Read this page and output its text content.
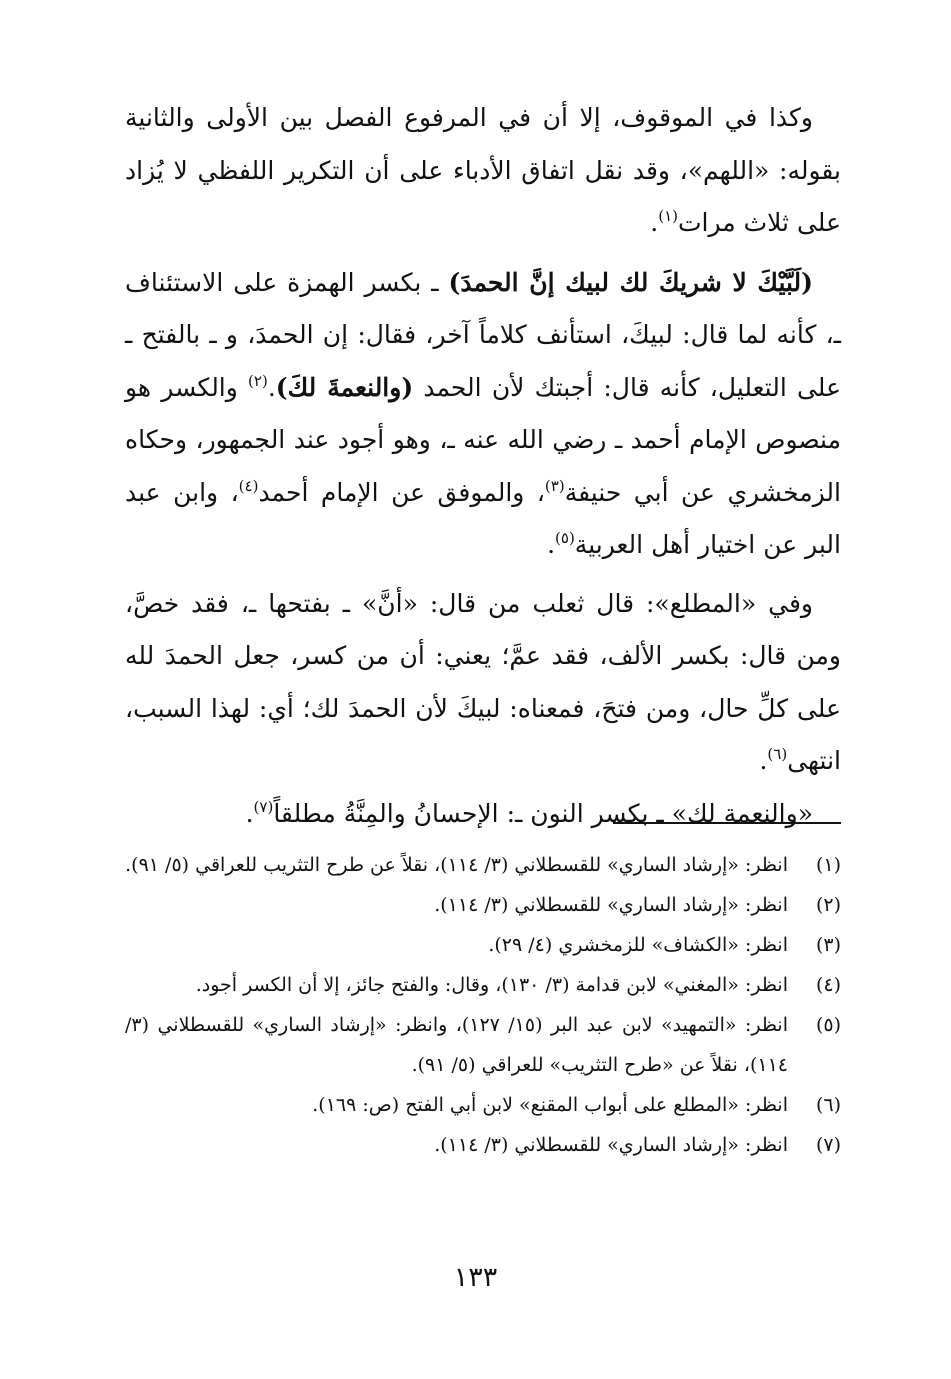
وكذا في الموقوف، إلا أن في المرفوع الفصل بين الأولى والثانية بقوله: «اللهم»، وقد نقل اتفاق الأدباء على أن التكرير اللفظي لا يُزاد على ثلاث مرات$^{(١)}$.

(لَبَّيْكَ لا شريكَ لك لبيك إنَّ الحمدَ) ـ بكسر الهمزة على الاستئناف ـ، كأنه لما قال: لبيكَ، استأنف كلاماً آخر، فقال: إن الحمدَ، و ـ بالفتح ـ على التعليل، كأنه قال: أجبتك لأن الحمد (والنعمةَ لكَ).$^{(٢)}$ والكسر هو منصوص الإمام أحمد ـ رضي الله عنه ـ، وهو أجود عند الجمهور، وحكاه الزمخشري عن أبي حنيفة$^{(٣)}$، والموفق عن الإمام أحمد$^{(٤)}$، وابن عبد البر عن اختيار أهل العربية$^{(٥)}$.

وفي «المطلع»: قال ثعلب من قال: «أنَّ» ـ بفتحها ـ، فقد خصَّ، ومن قال: بكسر الألف، فقد عمَّ؛ يعني: أن من كسر، جعل الحمدَ لله على كلِّ حال، ومن فتحَ، فمعناه: لبيكَ لأن الحمدَ لك؛ أي: لهذا السبب، انتهى$^{(٦)}$.

«والنعمة لك» ـ بكسر النون ـ: الإحسانُ والمِنَّةُ مطلقاً$^{(٧)}$.

(١)
انظر: «إرشاد الساري» للقسطلاني (٣/ ١١٤)، نقلاً عن طرح التثريب للعراقي (٥/ ٩١).
(٢)
انظر: «إرشاد الساري» للقسطلاني (٣/ ١١٤).
(٣)
انظر: «الكشاف» للزمخشري (٤/ ٢٩).
(٤)
انظر: «المغني» لابن قدامة (٣/ ١٣٠)، وقال: والفتح جائز، إلا أن الكسر أجود.
(٥)
انظر: «التمهيد» لابن عبد البر (١٥/ ١٢٧)، وانظر: «إرشاد الساري» للقسطلاني (٣/ ١١٤)، نقلاً عن «طرح التثريب» للعراقي (٥/ ٩١).
(٦)
انظر: «المطلع على أبواب المقنع» لابن أبي الفتح (ص: ١٦٩).
(٧)
انظر: «إرشاد الساري» للقسطلاني (٣/ ١١٤).
١٣٣
